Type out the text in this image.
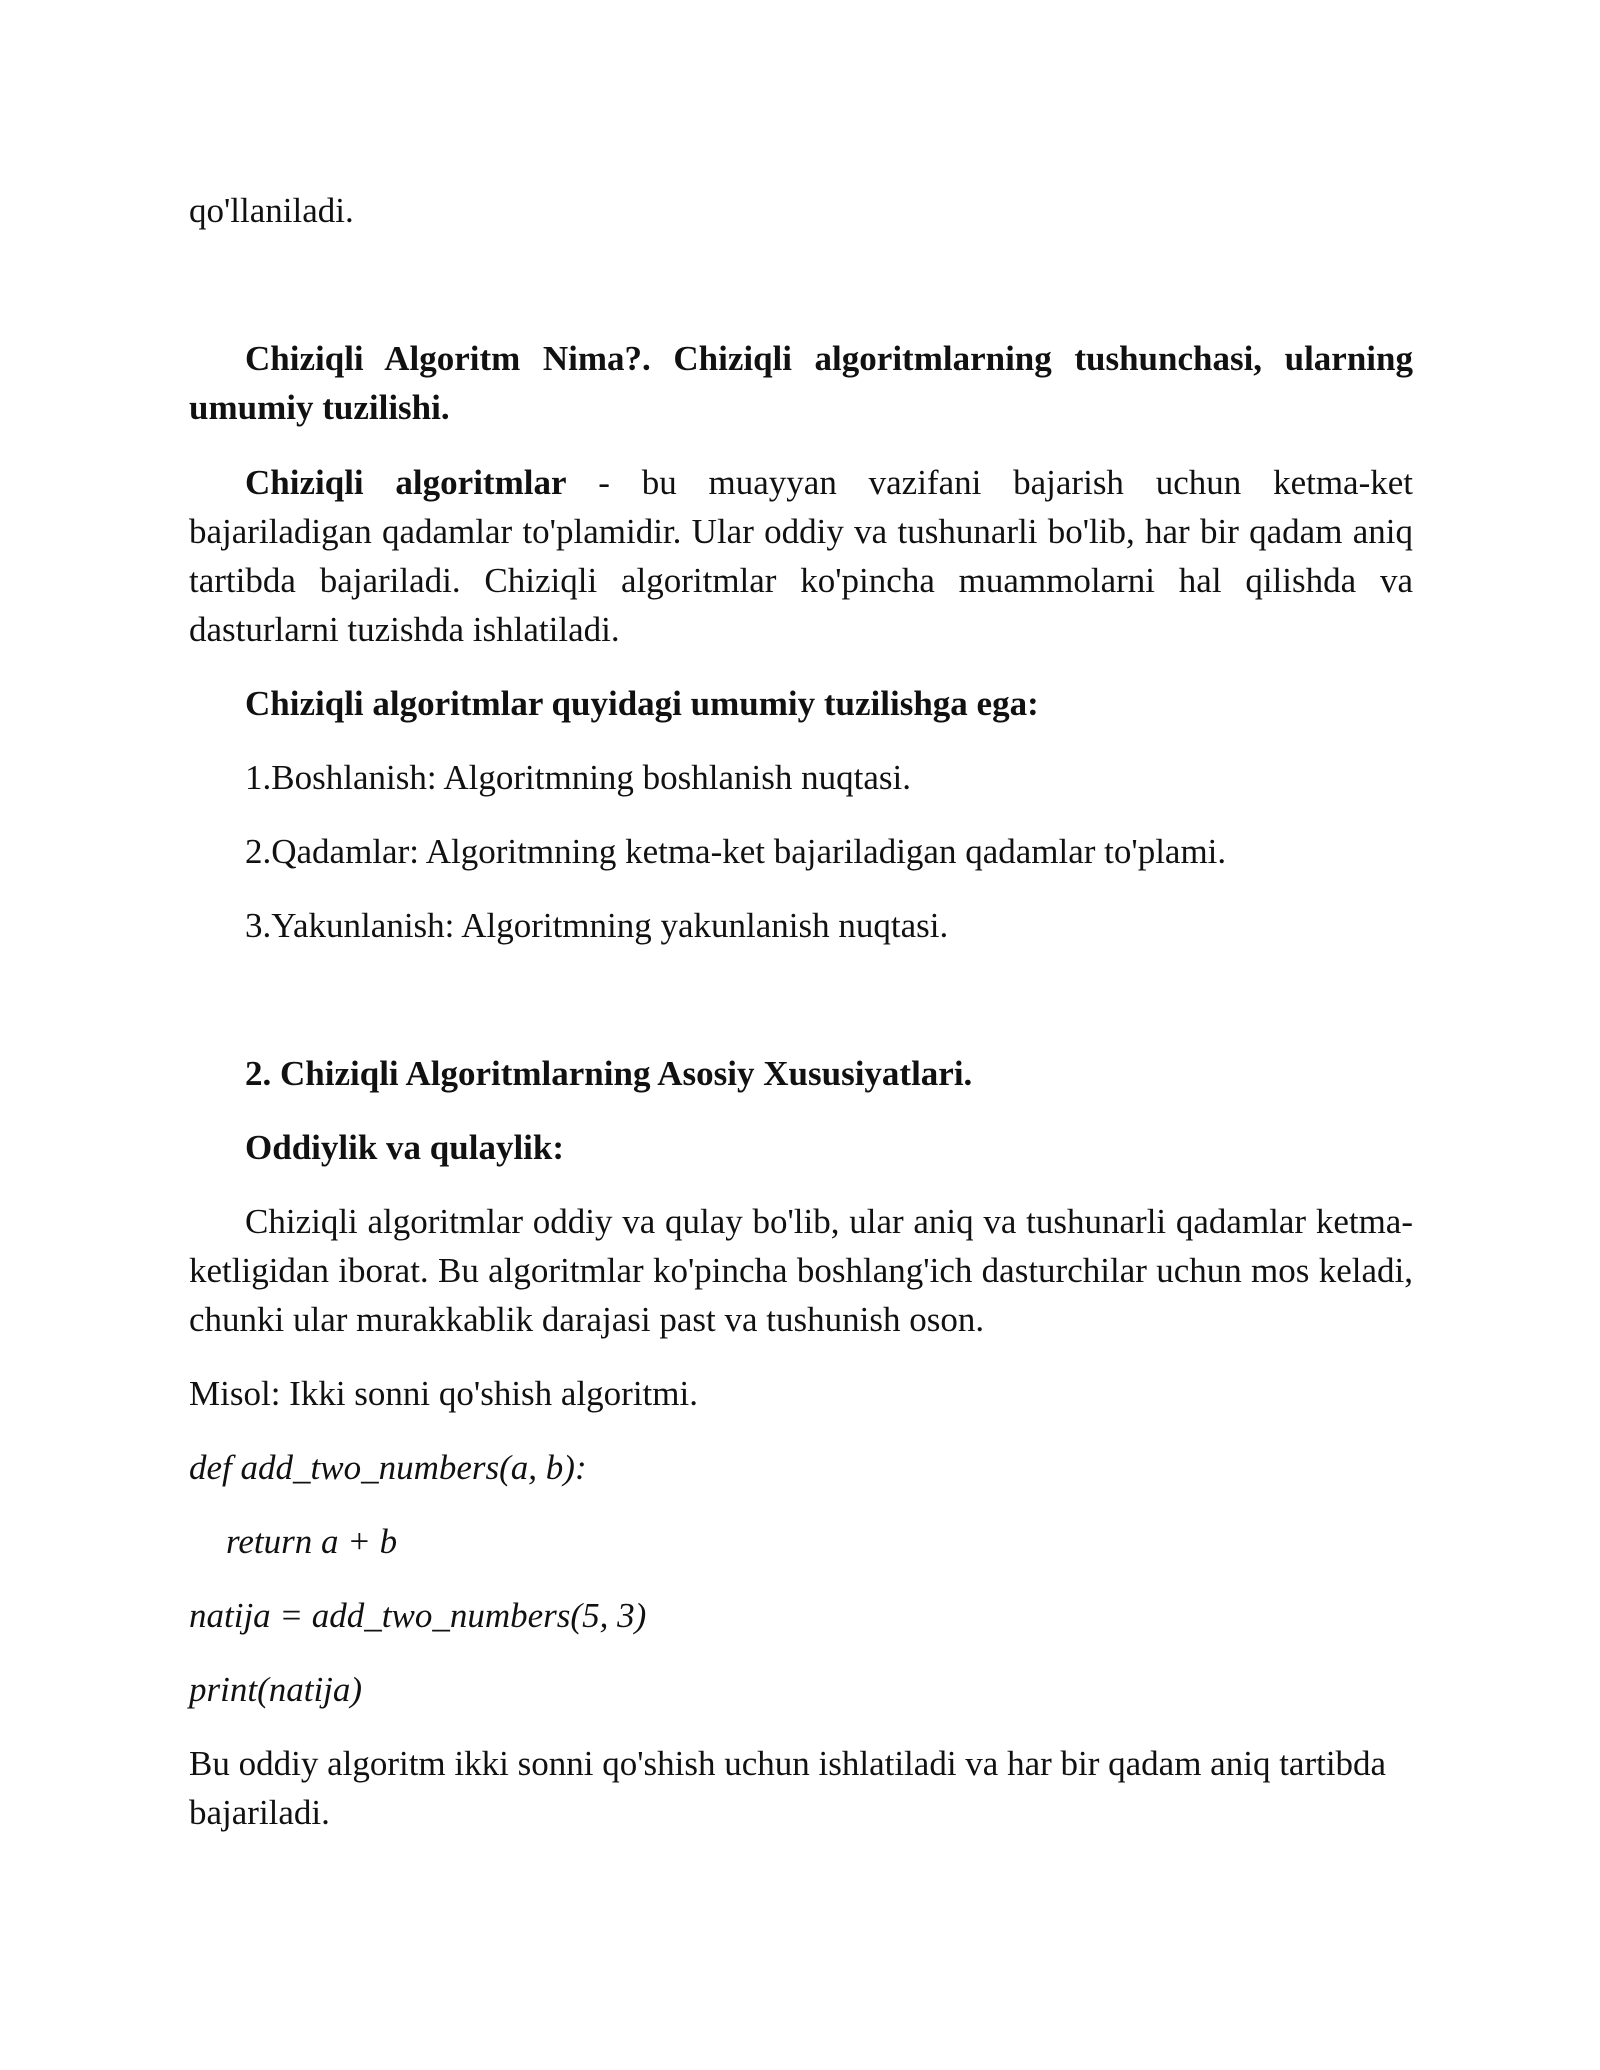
qo'llaniladi.

Chiziqli Algoritm Nima?. Chiziqli algoritmlarning tushunchasi, ularning umumiy tuzilishi.

Chiziqli algoritmlar - bu muayyan vazifani bajarish uchun ketma-ket bajariladigan qadamlar to'plamidir. Ular oddiy va tushunarli bo'lib, har bir qadam aniq tartibda bajariladi. Chiziqli algoritmlar ko'pincha muammolarni hal qilishda va dasturlarni tuzishda ishlatiladi.

Chiziqli algoritmlar quyidagi umumiy tuzilishga ega:

1.Boshlanish: Algoritmning boshlanish nuqtasi.

2.Qadamlar: Algoritmning ketma-ket bajariladigan qadamlar to'plami.

3.Yakunlanish: Algoritmning yakunlanish nuqtasi.

2. Chiziqli Algoritmlarning Asosiy Xususiyatlari.

Oddiylik va qulaylik:

Chiziqli algoritmlar oddiy va qulay bo'lib, ular aniq va tushunarli qadamlar ketma-ketligidan iborat. Bu algoritmlar ko'pincha boshlang'ich dasturchilar uchun mos keladi, chunki ular murakkablik darajasi past va tushunish oson.

Misol: Ikki sonni qo'shish algoritmi.

def add_two_numbers(a, b):

return a + b

natija = add_two_numbers(5, 3)

print(natija)

Bu oddiy algoritm ikki sonni qo'shish uchun ishlatiladi va har bir qadam aniq tartibda bajariladi.
